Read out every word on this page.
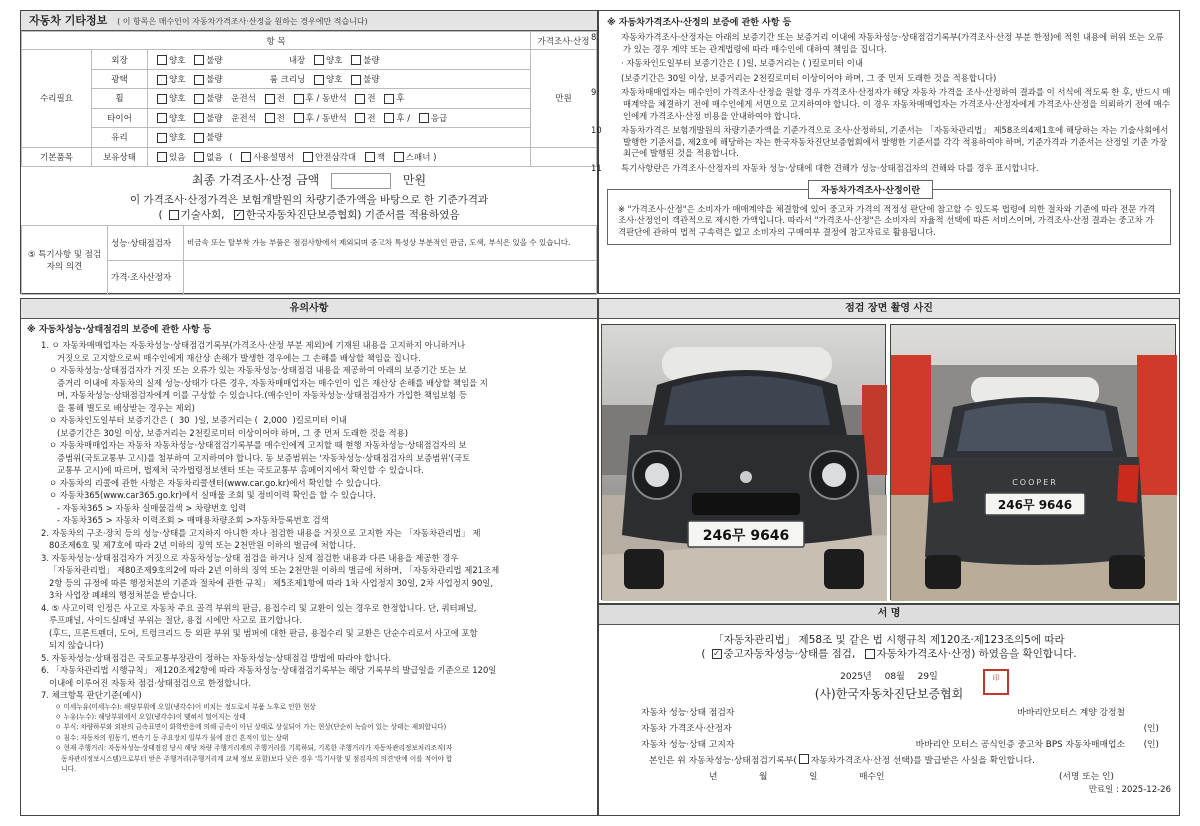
자동차 기타정보 ( 이 항목은 매수인이 자동차가격조사·산정을 원하는 경우에만 적습니다)
항 목			가격조사·산정
수리필요	외장	양호 불량 내장 양호 불량	만원
	광택	양호 불량 룸 크리닝 양호 불량	
	휠	양호 불량 운전석 전 후 / 동반석 전 후	
	타이어	양호 불량 운전석 전 후 / 동반석 전 후 / 응급	
	유리	양호 불량	
기본품목	보유상태	있음 없음 ( 사용설명서 안전삼각대 잭 스패너 )	
최종 가격조사·산정 금액	만원
이 가격조사·산정가격은 보험개발원의 차량기준가액을 바탕으로 한 기준가격과
( 기술사회, ✓ 한국자동차진단보증협회) 기준서를 적용하였음
⑤ 특기사항 및 점검자의 의견	성능·상태점검자	비금속 또는 탈부착 가능 부품은 점검사항에서 제외되며 중고차 특성상 부분적인 판금, 도색, 부식은 있을 수 있습니다.
	가격·조사산정자	
※ 자동차가격조사·산정의 보증에 관한 사항 등
8.	자동차가격조사·산정자는 아래의 보증기간 또는 보증거리 이내에 자동차성능·상태점검기록부(가격조사·산정 부분 한정)에 적힌 내용에 허위 또는 오류가 있는 경우 계약 또는 관계법령에 따라 매수인에 대하여 책임을 집니다.
· 자동차인도일부터 보증기간은 ( )일, 보증거리는 ( )킬로미터 이내
(보증기간은 30일 이상, 보증거리는 2천킬로미터 이상이어야 하며, 그 중 먼저 도래한 것을 적용합니다)
9.	자동차매매업자는 매수인이 가격조사·산정을 원할 경우 가격조사·산정자가 해당 자동차 가격을 조사·산정하여 결과를 이 서식에 적도록 한 후, 반드시 매매계약을 체결하기 전에 매수인에게 서면으로 고지하여야 합니다. 이 경우 자동차매매업자는 가격조사·산정자에게 가격조사·산정을 의뢰하기 전에 매수인에게 가격조사·산정 비용을 안내하여야 합니다.
10 자동차가격은 보험개발원의 차량기준가액을 기준가격으로 조사·산정하되, 기준서는 「자동차관리법」 제58조의4제1호에 해당하는 자는 기술사회에서 발행한 기준서를, 제2호에 해당하는 자는 한국자동차진단보증협회에서 발행한 기준서를 각각 적용하여야 하며, 기준가격과 기준서는 산정일 기준 가장 최근에 발행된 것을 적용합니다.
11 특기사항란은 가격조사·산정자의 자동차 성능·상태에 대한 견해가 성능·상태점검자의 견해와 다를 경우 표시합니다.
자동차가격조사·산정이란
※ "가격조사·산정"은 소비자가 매매계약을 체결함에 있어 중고차 가격의 적정성 판단에 참고할 수 있도록 법령에 의한 절차와 기준에 따라 전문 가격조사·산정인이 객관적으로 제시한 가액입니다. 따라서 "가격조사·산정"은 소비자의 자율적 선택에 따른 서비스이며, 가격조사·산정 결과는 중고차 가격판단에 관하여 법적 구속력은 없고 소비자의 구매여부 결정에 참고자료로 활용됩니다.
유의사항
※ 자동차성능·상태점검의 보증에 관한 사항 등
1. ㅇ 자동차매매업자는 자동차성능·상태점검기록부(가격조사·산정 부분 제외)에 기재된 내용을 고지하지 아니하거나
거짓으로 고지함으로써 매수인에게 재산상 손해가 발생한 경우에는 그 손해를 배상할 책임을 집니다.
ㅇ 자동차성능·상태점검자가 거짓 또는 오류가 있는 자동차성능·상태점검 내용을 제공하여 아래의 보증기간 또는 보
증거리 이내에 자동차의 실제 성능·상태가 다른 경우, 자동차매매업자는 매수인이 입은 재산상 손해를 배상할 책임을 지
며, 자동차성능·상태점검자에게 이를 구상할 수 있습니다.(매수인이 자동차성능·상태점검자가 가입한 책임보험 등
을 통해 별도로 배상받는 경우는 제외)
ㅇ 자동차인도일부터 보증기간은 (  30  )일, 보증거리는 (  2,000  )킬로미터 이내
(보증기간은 30일 이상, 보증거리는 2천킬로미터 이상이어야 하며, 그 중 먼저 도래한 것을 적용)
ㅇ 자동차매매업자는 자동차 자동차성능·상태점검기록부를 매수인에게 고지할 때 현행 자동차성능·상태점검자의 보
증범위(국토교통부 고시)를 첨부하여 고지하여야 합니다. 동 보증범위는 '자동차성능·상태점검자의 보증범위'(국토
교통부 고시)에 따르며, 법제처 국가법령정보센터 또는 국토교통부 홈페이지에서 확인할 수 있습니다.
ㅇ 자동차의 리콜에 관한 사항은 자동차리콜센터(www.car.go.kr)에서 확인할 수 있습니다.
ㅇ 자동차365(www.car365.go.kr)에서 실매물 조회 및 정비이력 확인을 할 수 있습니다.
- 자동차365 > 자동차 실매물검색 > 차량번호 입력
- 자동차365 > 자동차 이력조회 > 매매용차량조회 >자동차등록번호 검색
2. 자동차의 구조·장치 등의 성능·상태를 고지하지 아니한 자나 점검한 내용을 거짓으로 고지한 자는 「자동차관리법」 제
80조제6호 및 제7호에 따라 2년 이하의 징역 또는 2천만원 이하의 벌금에 처합니다.
3. 자동차성능·상태점검자가 거짓으로 자동차성능·상태 점검을 하거나 실제 점검한 내용과 다른 내용을 제공한 경우
「자동차관리법」 제80조제9호의2에 따라 2년 이하의 징역 또는 2천만원 이하의 벌금에 처하며, 「자동차관리법 제21조제
2항 등의 규정에 따른 행정처분의 기준과 절차에 관한 규칙」 제5조제1항에 따라 1차 사업정지 30일, 2차 사업정지 90일,
3차 사업장 폐쇄의 행정처분을 받습니다.
4. ⑤ 사고이력 인정은 사고로 자동차 주요 골격 부위의 판금, 용접수리 및 교환이 있는 경우로 한정합니다. 단, 쿼터패널,
루프패널, 사이드실패널 부위는 절단, 용접 시에만 사고로 표기합니다.
(후드, 프론트펜더, 도어, 트렁크리드 등 외판 부위 및 범퍼에 대한 판금, 용접수리 및 교환은 단순수리로서 사고에 포함
되지 않습니다)
5. 자동차성능·상태점검은 국토교통부장관이 정하는 자동차성능·상태점검 방법에 따라야 합니다.
6. 「자동차관리법 시행규칙」 제120조제2항에 따라 자동차성능·상태점검기록부는 해당 기록부의 발급일을 기준으로 120일
이내에 이루어진 자동차 점검·상태점검으로 한정합니다.
7. 체크항목 판단기준(예시)
ㅇ 미세누유(미세누수): 해당부위에 오일(냉각수)이 비치는 정도로서 부품 노후로 인한 현상
ㅇ 누유(누수): 해당부위에서 오일(냉각수)이 맺혀서 떨어지는 상태
ㅇ 부식: 차량하부와 외판의 금속표면이 화학반응에 의해 금속이 아닌 상태로 상실되어 가는 현상(단순히 녹슬어 있는 상태는 제외합니다)
ㅇ 침수: 자동차의 원동기, 변속기 등 주요장치 일부가 물에 잠긴 흔적이 있는 상태
ㅇ 현재 주행거리: 자동차성능·상태점검 당시 해당 차량 주행거리계의 주행거리를 기록하되, 기록한 주행거리가 자동차관리정보처리조직(자
동차관리정보시스템)으로부터 받은 주행거리(주행거리계 교체 정보 포함)보다 낮은 경우 '특기사항 및 점검자의 의견'란에 이를 적어야 합
니다.
점검 장면 촬영 사진
246무 9646
COOPER
246무 9646
서 명
「자동차관리법」 제58조 및 같은 법 시행규칙 제120조·제123조의5에 따라
( ✓ 중고자동차성능·상태를 점검, 자동차가격조사·산정) 하였음을 확인합니다.
2025년 08월 29일
(사)한국자동차진단보증협회
印
자동차 성능·상태 점검자	바바리안모터스 계양 강정철
자동차 가격조사·산정자	(인)
자동차 성능·상태 고지자	바바리안 모터스 공식인증 중고차 BPS 자동차매매업소	(인)
본인은 위 자동차성능·상태점검기록부( 자동차가격조사·산정 선택)를 발급받은 사실을 확인합니다.
년	월	일	매수인	(서명 또는 인)
만료일 : 2025-12-26
